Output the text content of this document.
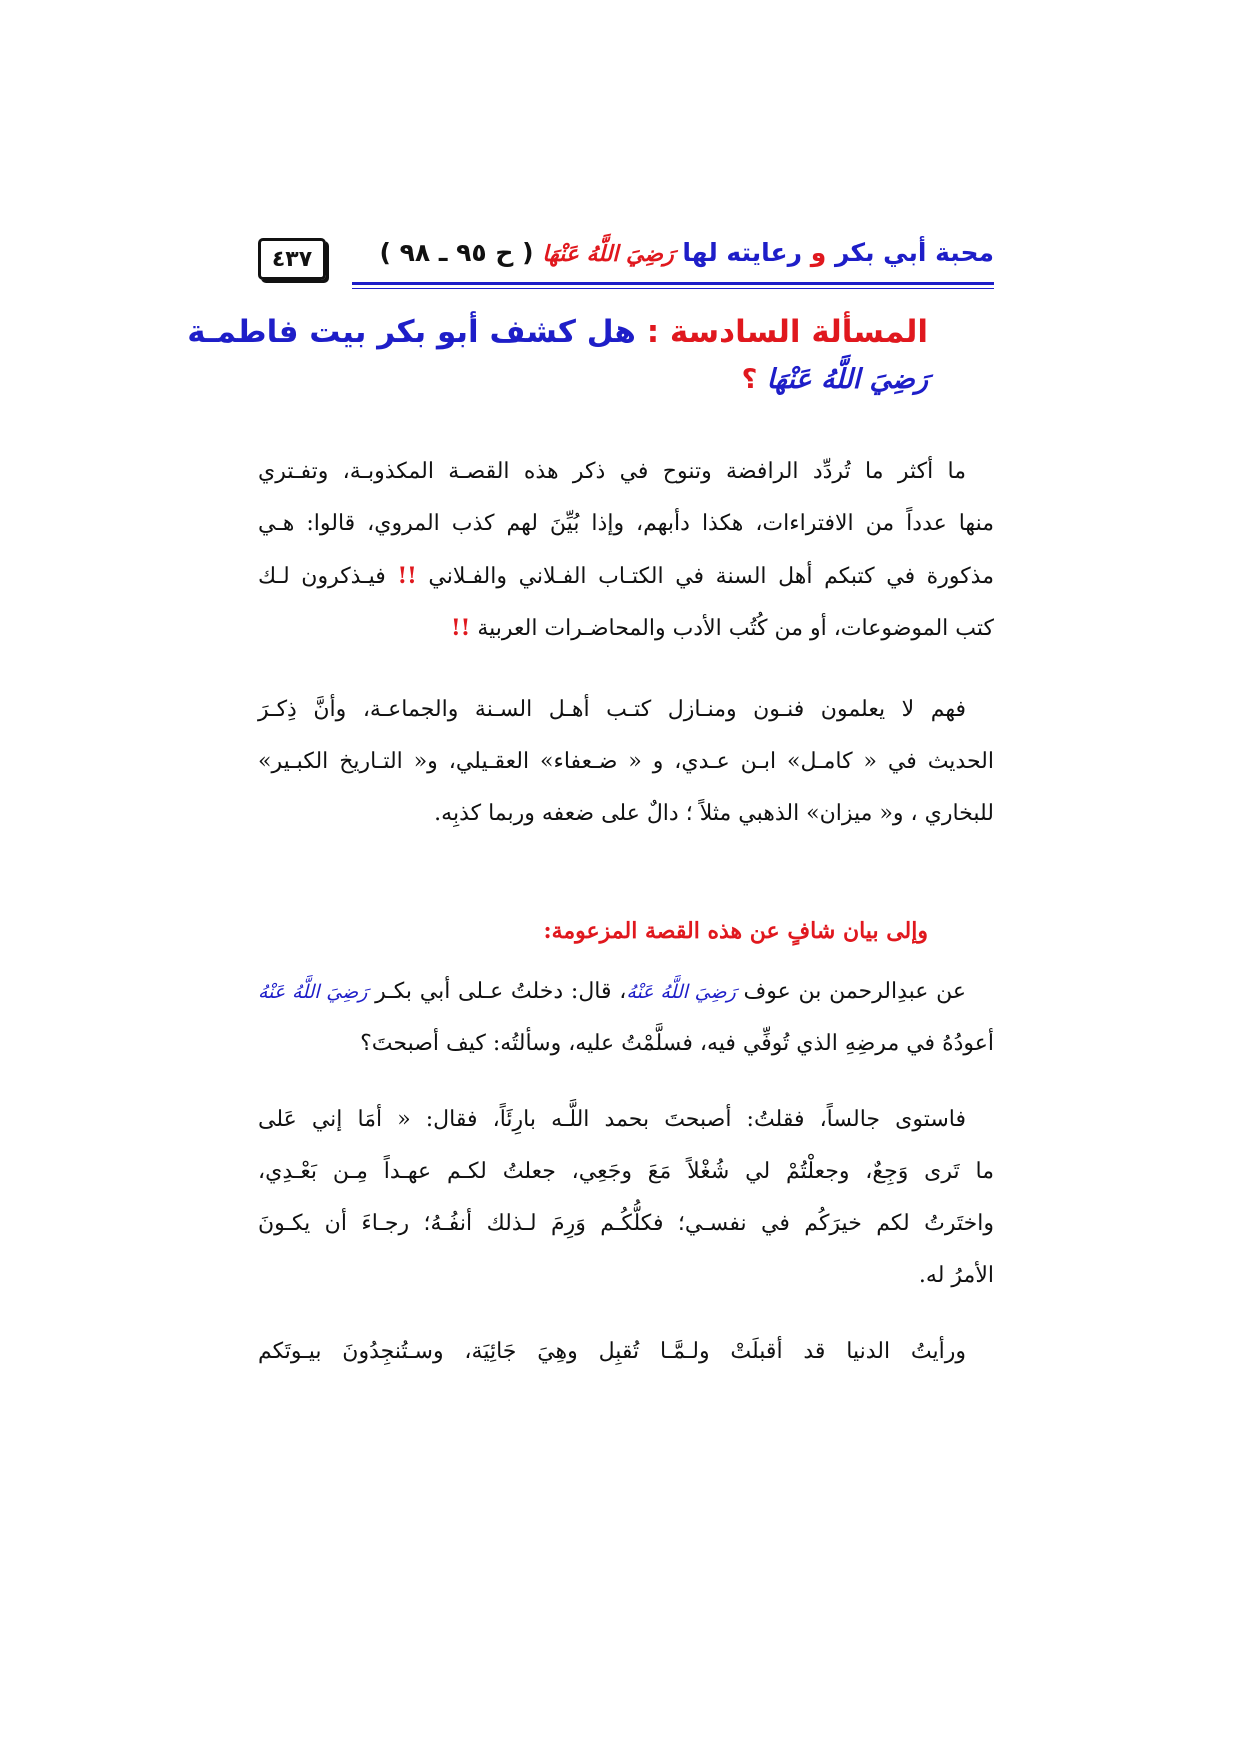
محبة أبي بكر و رعايته لها رَضِيَ اللَّهُ عَنْهَا ( ح ٩٥ ـ ٩٨ )
٤٣٧
المسألة السادسة : هل كشف أبو بكر بيت فاطمـة
رَضِيَ اللَّهُ عَنْهَا ؟
ما أكثر ما تُردِّد الرافضة وتنوح في ذكر هذه القصـة المكذوبـة، وتفـتري
منها عدداً من الافتراءات، هكذا دأبهم، وإذا بُيِّنَ لهم كذب المروي، قالوا: هـي
مذكورة في كتبكم أهل السنة في الكتـاب الفـلاني والفـلاني !! فيـذكرون لـك
كتب الموضوعات، أو من كُتُب الأدب والمحاضـرات العربية !!
فهم لا يعلمون فنـون ومنـازل كتـب أهـل السـنة والجماعـة، وأنَّ ذِكـرَ
الحديث في « كامـل» ابـن عـدي، و « ضـعفاء» العقـيلي، و« التـاريخ الكبـير»
للبخاري ، و« ميزان» الذهبي مثلاً ؛ دالٌ على ضعفه وربما كذبِه.
وإلى بيان شافٍ عن هذه القصة المزعومة:
عن عبدِالرحمن بن عوف رَضِيَ اللَّهُ عَنْهُ، قال: دخلتُ عـلى أبي بكـر رَضِيَ اللَّهُ عَنْهُ
أعودُهُ في مرضِهِ الذي تُوفِّي فيه، فسلَّمْتُ عليه، وسألتُه: كيف أصبحتَ؟
فاستوى جالساً، فقلتُ: أصبحتَ بحمد اللَّـه بارِئَاً، فقال: « أمَا إني عَلى
ما تَرى وَجِعٌ، وجعلْتُمْ لي شُغْلاً مَعَ وجَعِي، جعلتُ لكـم عهـداً مِـن بَعْـدِي،
واختَرتُ لكم خيرَكُم في نفسـي؛ فكلُّكُـم وَرِمَ لـذلك أنفُـهُ؛ رجـاءَ أن يكـونَ
الأمرُ له.
ورأيتُ الدنيا قد أقبلَتْ ولـمَّـا تُقبِل وهِيَ جَائِيَة، وسـتُنجِدُونَ بيـوتَكم
